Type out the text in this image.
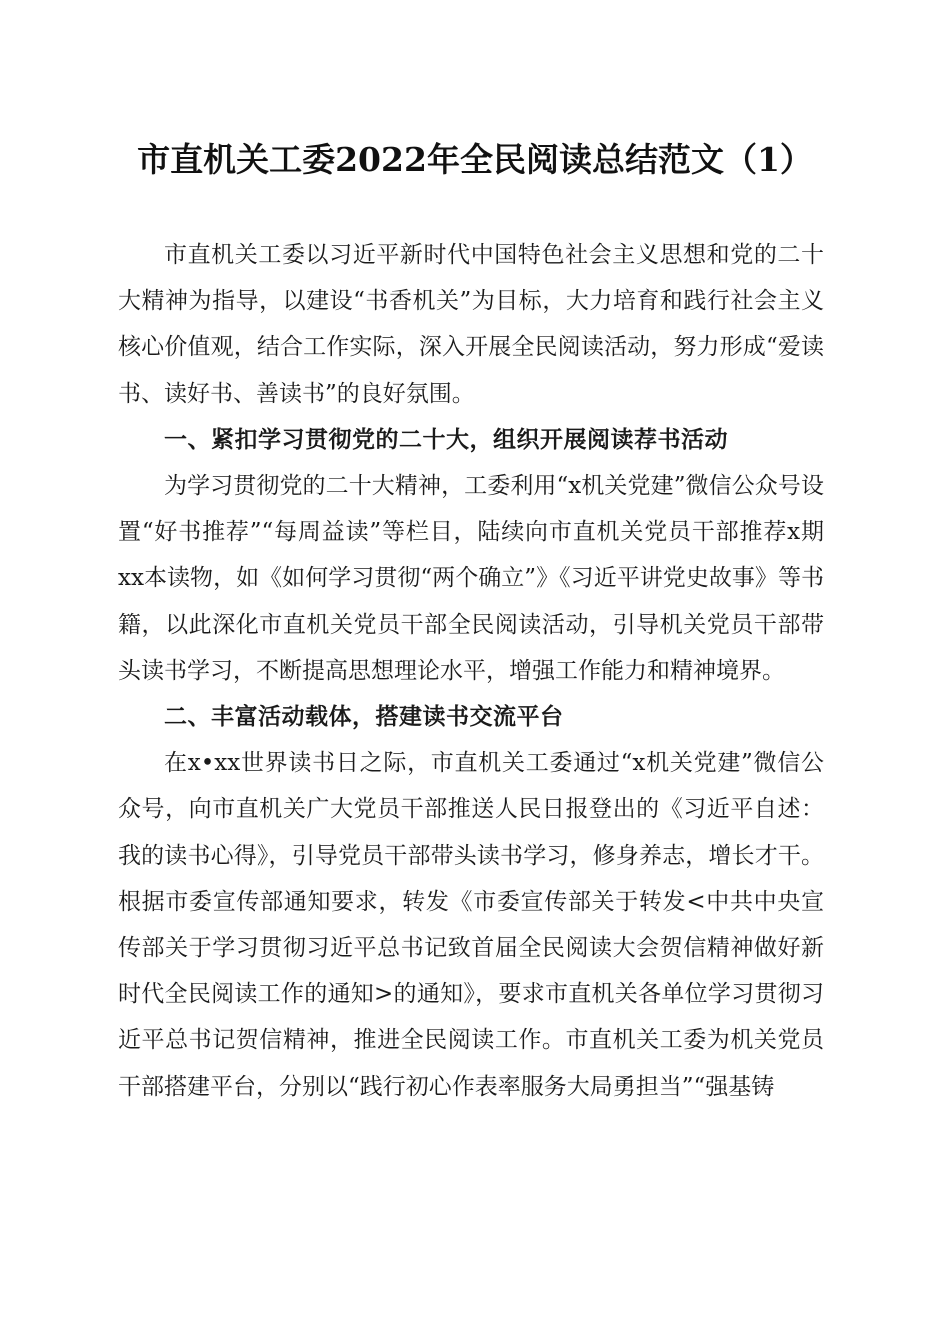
市直机关工委2022年全民阅读总结范文（1）

市直机关工委以习近平新时代中国特色社会主义思想和党的二十大精神为指导，以建设“书香机关”为目标，大力培育和践行社会主义核心价值观，结合工作实际，深入开展全民阅读活动，努力形成“爱读书、读好书、善读书”的良好氛围。

一、紧扣学习贯彻党的二十大，组织开展阅读荐书活动

为学习贯彻党的二十大精神，工委利用“x机关党建”微信公众号设置“好书推荐”“每周益读”等栏目，陆续向市直机关党员干部推荐x期xx本读物，如《如何学习贯彻“两个确立”》《习近平讲党史故事》等书籍，以此深化市直机关党员干部全民阅读活动，引导机关党员干部带头读书学习，不断提高思想理论水平，增强工作能力和精神境界。

二、丰富活动载体，搭建读书交流平台

在x•xx世界读书日之际，市直机关工委通过“x机关党建”微信公众号，向市直机关广大党员干部推送人民日报登出的《习近平自述：我的读书心得》，引导党员干部带头读书学习，修身养志，增长才干。根据市委宣传部通知要求，转发《市委宣传部关于转发<中共中央宣传部关于学习贯彻习近平总书记致首届全民阅读大会贺信精神做好新时代全民阅读工作的通知>的通知》，要求市直机关各单位学习贯彻习近平总书记贺信精神，推进全民阅读工作。市直机关工委为机关党员干部搭建平台，分别以“践行初心作表率服务大局勇担当”“强基铸
